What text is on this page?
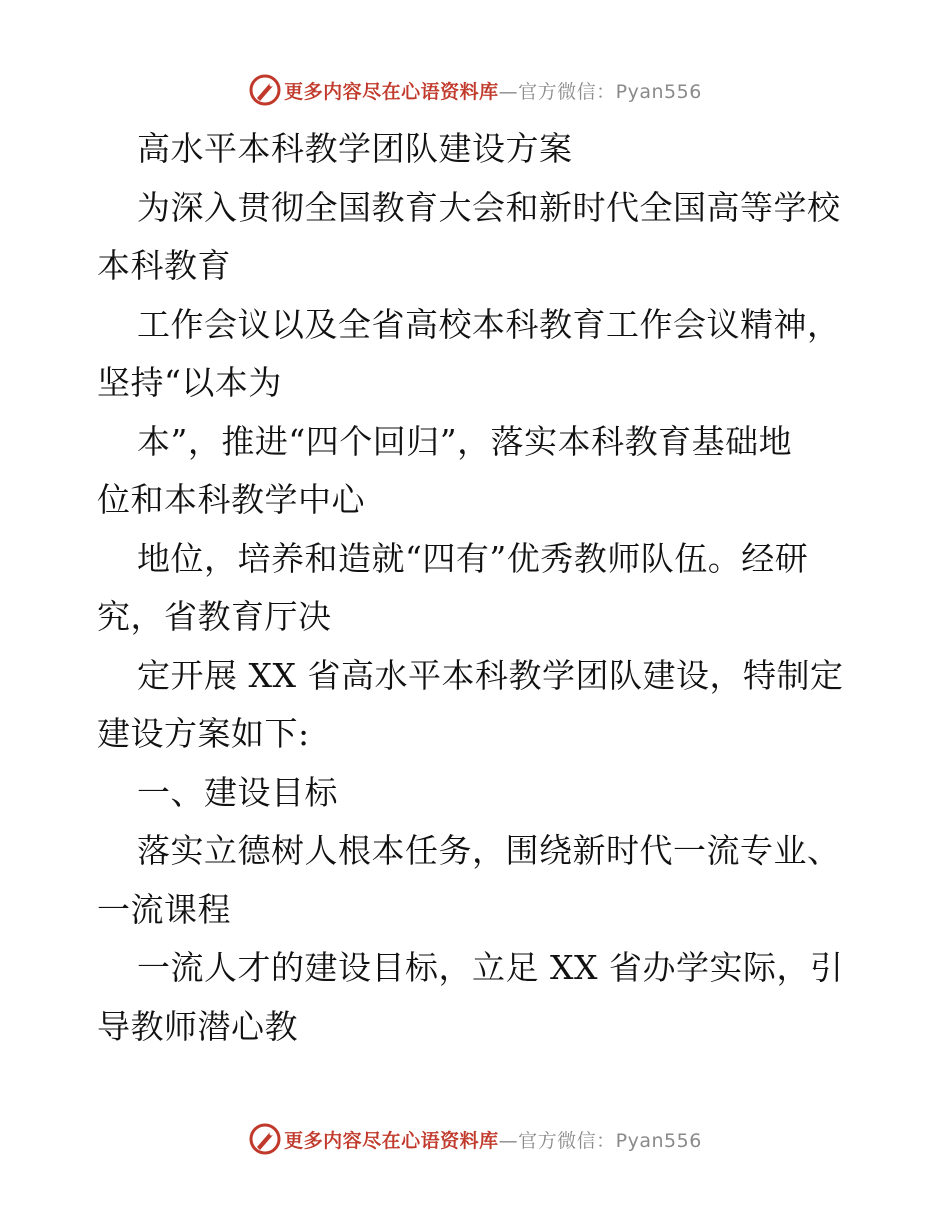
更多内容尽在心语资料库 —官方微信：Pyan556
高水平本科教学团队建设方案
为深入贯彻全国教育大会和新时代全国高等学校
本科教育
工作会议以及全省高校本科教育工作会议精神，
坚持“以本为
本”，推进“四个回归”，落实本科教育基础地
位和本科教学中心
地位，培养和造就“四有”优秀教师队伍。经研
究，省教育厅决
定开展 XX 省高水平本科教学团队建设，特制定
建设方案如下:
一、建设目标
落实立德树人根本任务，围绕新时代一流专业、
一流课程
一流人才的建设目标，立足 XX 省办学实际，引
导教师潜心教
更多内容尽在心语资料库 —官方微信：Pyan556
